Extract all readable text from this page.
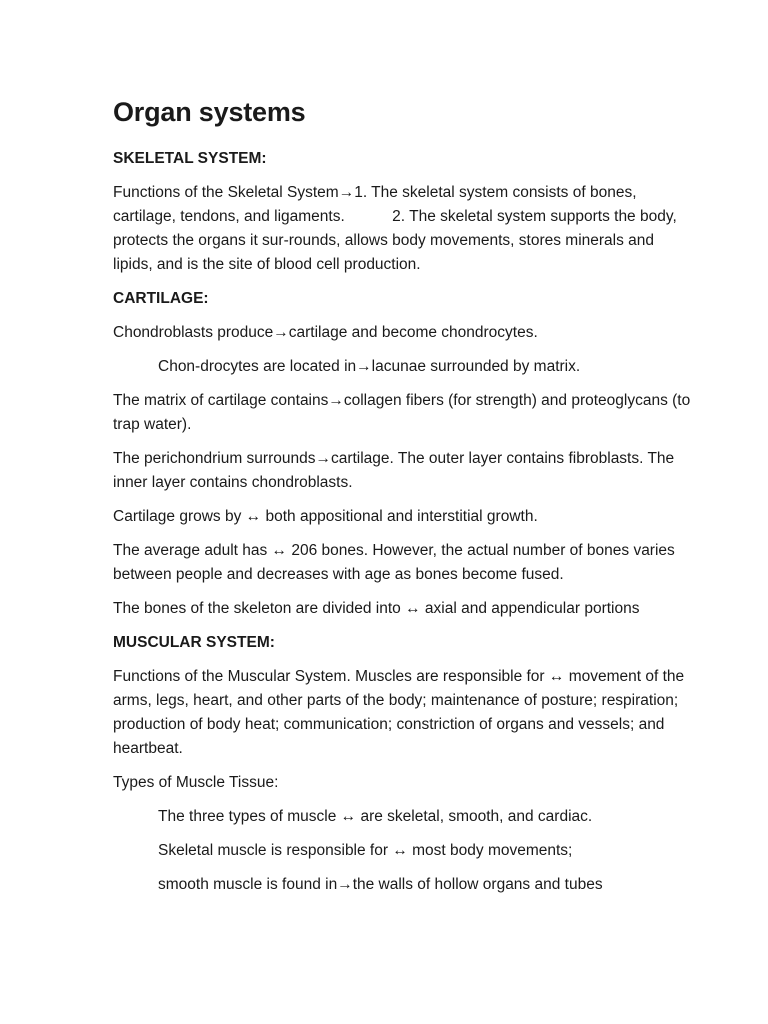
Organ systems

SKELETAL SYSTEM:

Functions of the Skeletal System→1. The skeletal system consists of bones, cartilage, tendons, and ligaments.           2. The skeletal system supports the body, protects the organs it sur-rounds, allows body movements, stores minerals and lipids, and is the site of blood cell production.

CARTILAGE:

Chondroblasts produce→cartilage and become chondrocytes.

Chon-drocytes are located in→lacunae surrounded by matrix.

The matrix of cartilage contains→collagen fibers (for strength) and proteoglycans (to trap water).

The perichondrium surrounds→cartilage. The outer layer contains fibroblasts. The inner layer contains chondroblasts.

Cartilage grows by ↔ both appositional and interstitial growth.

The average adult has ↔ 206 bones. However, the actual number of bones varies between people and decreases with age as bones become fused.

The bones of the skeleton are divided into ↔ axial and appendicular portions

MUSCULAR SYSTEM:

Functions of the Muscular System. Muscles are responsible for ↔ movement of the arms, legs, heart, and other parts of the body; maintenance of posture; respiration; production of body heat; communication; constriction of organs and vessels; and heartbeat.

Types of Muscle Tissue:

The three types of muscle ↔ are skeletal, smooth, and cardiac.

Skeletal muscle is responsible for ↔ most body movements;

smooth muscle is found in→the walls of hollow organs and tubes
